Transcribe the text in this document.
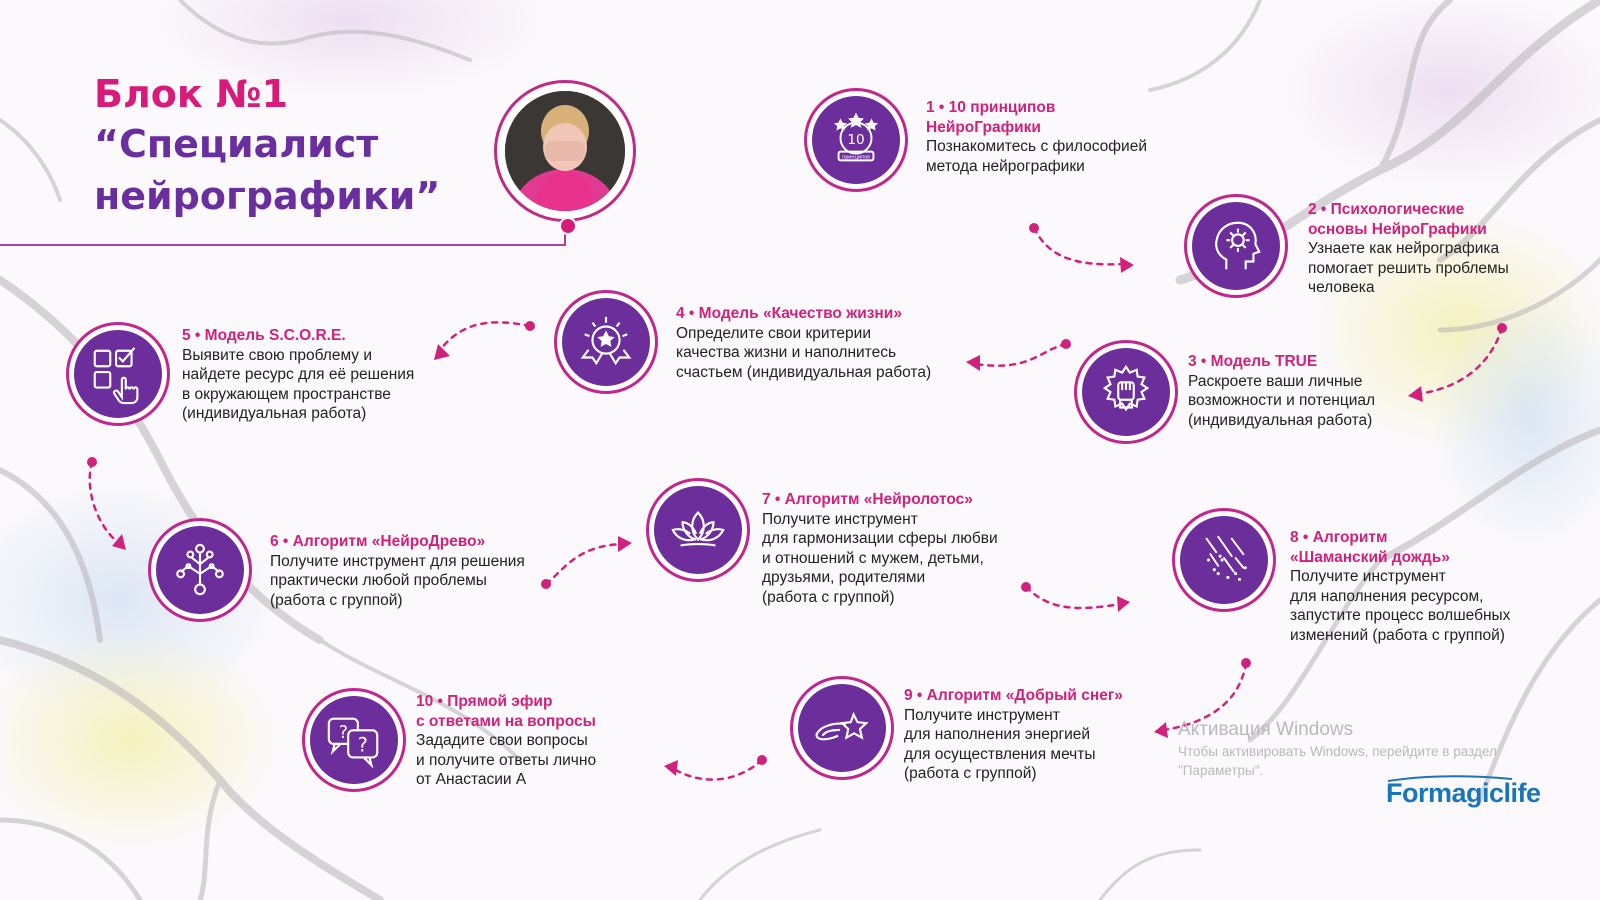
Блок №1
“Специалист нейрографики”
10
принципов
1 • 10 принципов
НейроГрафики
Познакомитесь с философией
метода нейрографики
2 • Психологические
основы НейроГрафики
Узнаете как нейрографика
помогает решить проблемы
человека
3 • Модель TRUE
Раскроете ваши личные
возможности и потенциал
(индивидуальная работа)
4 • Модель «Качество жизни»
Определите свои критерии
качества жизни и наполнитесь
счастьем (индивидуальная работа)
5 • Модель S.C.O.R.E.
Выявите свою проблему и
найдете ресурс для её решения
в окружающем пространстве
(индивидуальная работа)
6 • Алгоритм «НейроДрево»
Получите инструмент для решения
практически любой проблемы
(работа с группой)
7 • Алгоритм «Нейролотос»
Получите инструмент
для гармонизации сферы любви
и отношений с мужем, детьми,
друзьями, родителями
(работа с группой)
8 • Алгоритм
«Шаманский дождь»
Получите инструмент
для наполнения ресурсом,
запустите процесс волшебных
изменений (работа с группой)
9 • Алгоритм «Добрый снег»
Получите инструмент
для наполнения энергией
для осуществления мечты
(работа с группой)
?
?
10 • Прямой эфир
с ответами на вопросы
Зададите свои вопросы
и получите ответы лично
от Анастасии А
Активация Windows
Чтобы активировать Windows, перейдите в раздел
"Параметры".
Formagiclife
